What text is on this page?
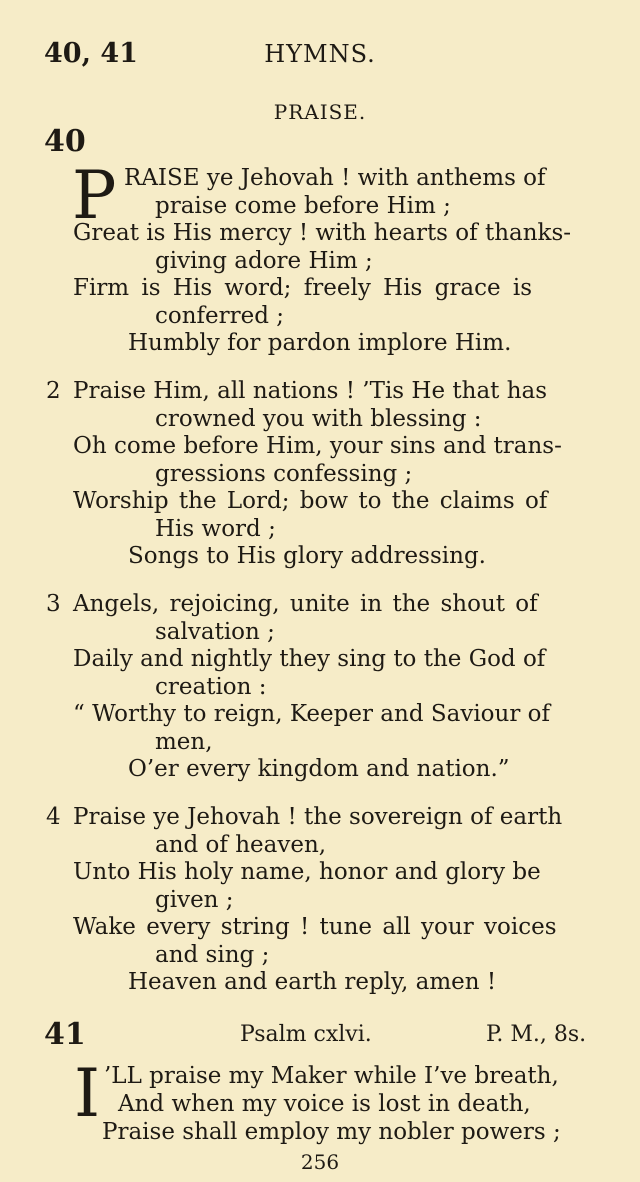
40, 41	HYMNS.
PRAISE.
40
P RAISE ye Jehovah ! with anthems of
praise come before Him ;
Great is His mercy ! with hearts of thanks-
giving adore Him ;
Firm is His word; freely His grace is
conferred ;
Humbly for pardon implore Him.
2 Praise Him, all nations ! ’Tis He that has
crowned you with blessing :
Oh come before Him, your sins and trans-
gressions confessing ;
Worship the Lord; bow to the claims of
His word ;
Songs to His glory addressing.
3 Angels, rejoicing, unite in the shout of
salvation ;
Daily and nightly they sing to the God of
creation :
“ Worthy to reign, Keeper and Saviour of
men,
O’er every kingdom and nation.”
4 Praise ye Jehovah ! the sovereign of earth
and of heaven,
Unto His holy name, honor and glory be
given ;
Wake every string ! tune all your voices
and sing ;
Heaven and earth reply, amen !
41	Psalm cxlvi.	P. M., 8s.
I ’LL praise my Maker while I’ve breath,
And when my voice is lost in death,
Praise shall employ my nobler powers ;
256
